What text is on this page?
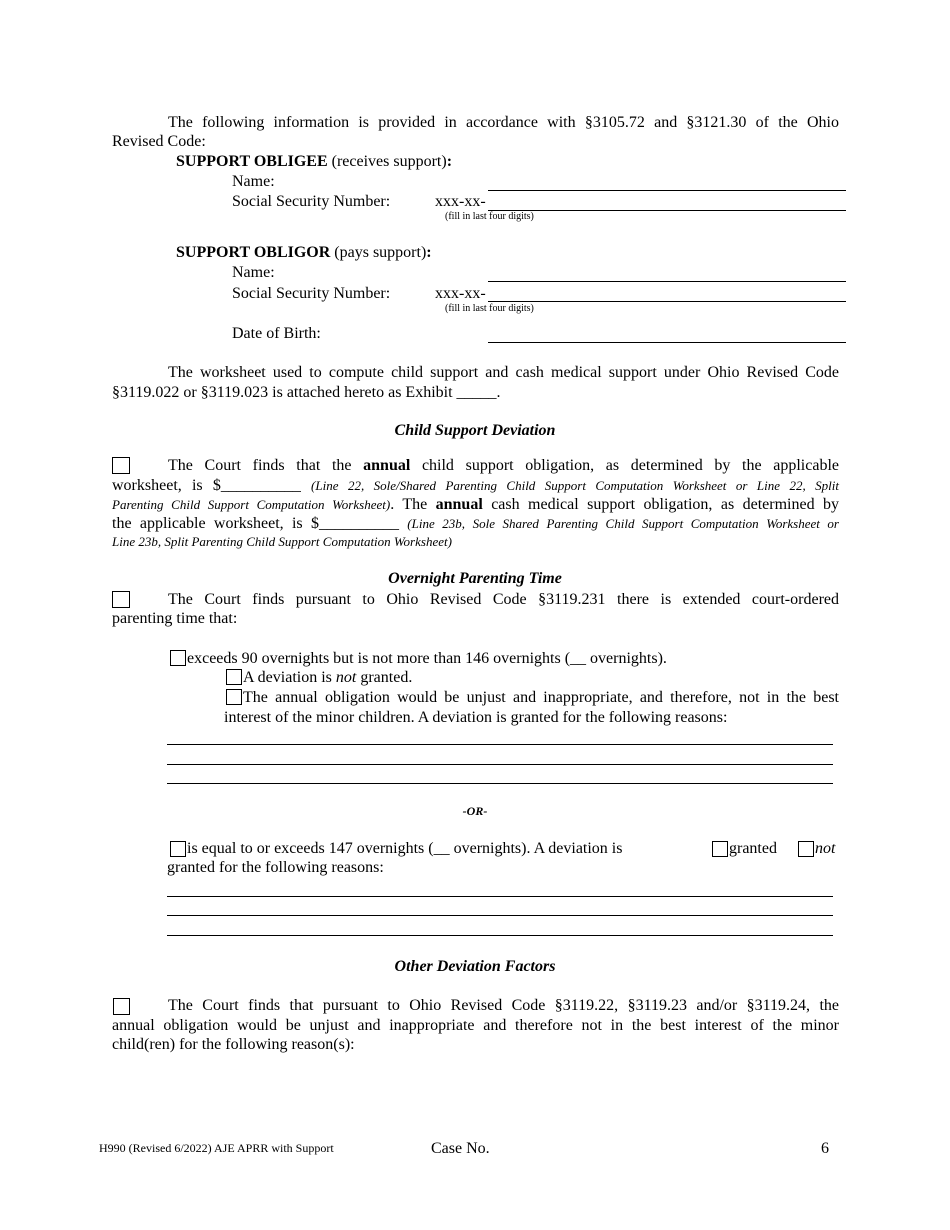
The following information is provided in accordance with §3105.72 and §3121.30 of the Ohio
Revised Code:
SUPPORT OBLIGEE (receives support):
Name:
Social Security Number:	xxx-xx-
(fill in last four digits)
SUPPORT OBLIGOR (pays support):
Name:
Social Security Number:	xxx-xx-
(fill in last four digits)
Date of Birth:
The worksheet used to compute child support and cash medical support under Ohio Revised Code
§3119.022 or §3119.023 is attached hereto as Exhibit _____.
Child Support Deviation
The Court finds that the annual child support obligation, as determined by the applicable
worksheet, is $__________ (Line 22, Sole/Shared Parenting Child Support Computation Worksheet or Line 22, Split
Parenting Child Support Computation Worksheet). The annual cash medical support obligation, as determined by
the applicable worksheet, is $__________ (Line 23b, Sole Shared Parenting Child Support Computation Worksheet or
Line 23b, Split Parenting Child Support Computation Worksheet)
Overnight Parenting Time
The Court finds pursuant to Ohio Revised Code §3119.231 there is extended court-ordered
parenting time that:
exceeds 90 overnights but is not more than 146 overnights (__ overnights).
A deviation is not granted.
The annual obligation would be unjust and inappropriate, and therefore, not in the best
interest of the minor children. A deviation is granted for the following reasons:
-OR-
is equal to or exceeds 147 overnights (__ overnights). A deviation is	granted not
granted for the following reasons:
Other Deviation Factors
The Court finds that pursuant to Ohio Revised Code §3119.22, §3119.23 and/or §3119.24, the
annual obligation would be unjust and inappropriate and therefore not in the best interest of the minor
child(ren) for the following reason(s):
H990 (Revised 6/2022) AJE APRR with Support	Case No.	6
